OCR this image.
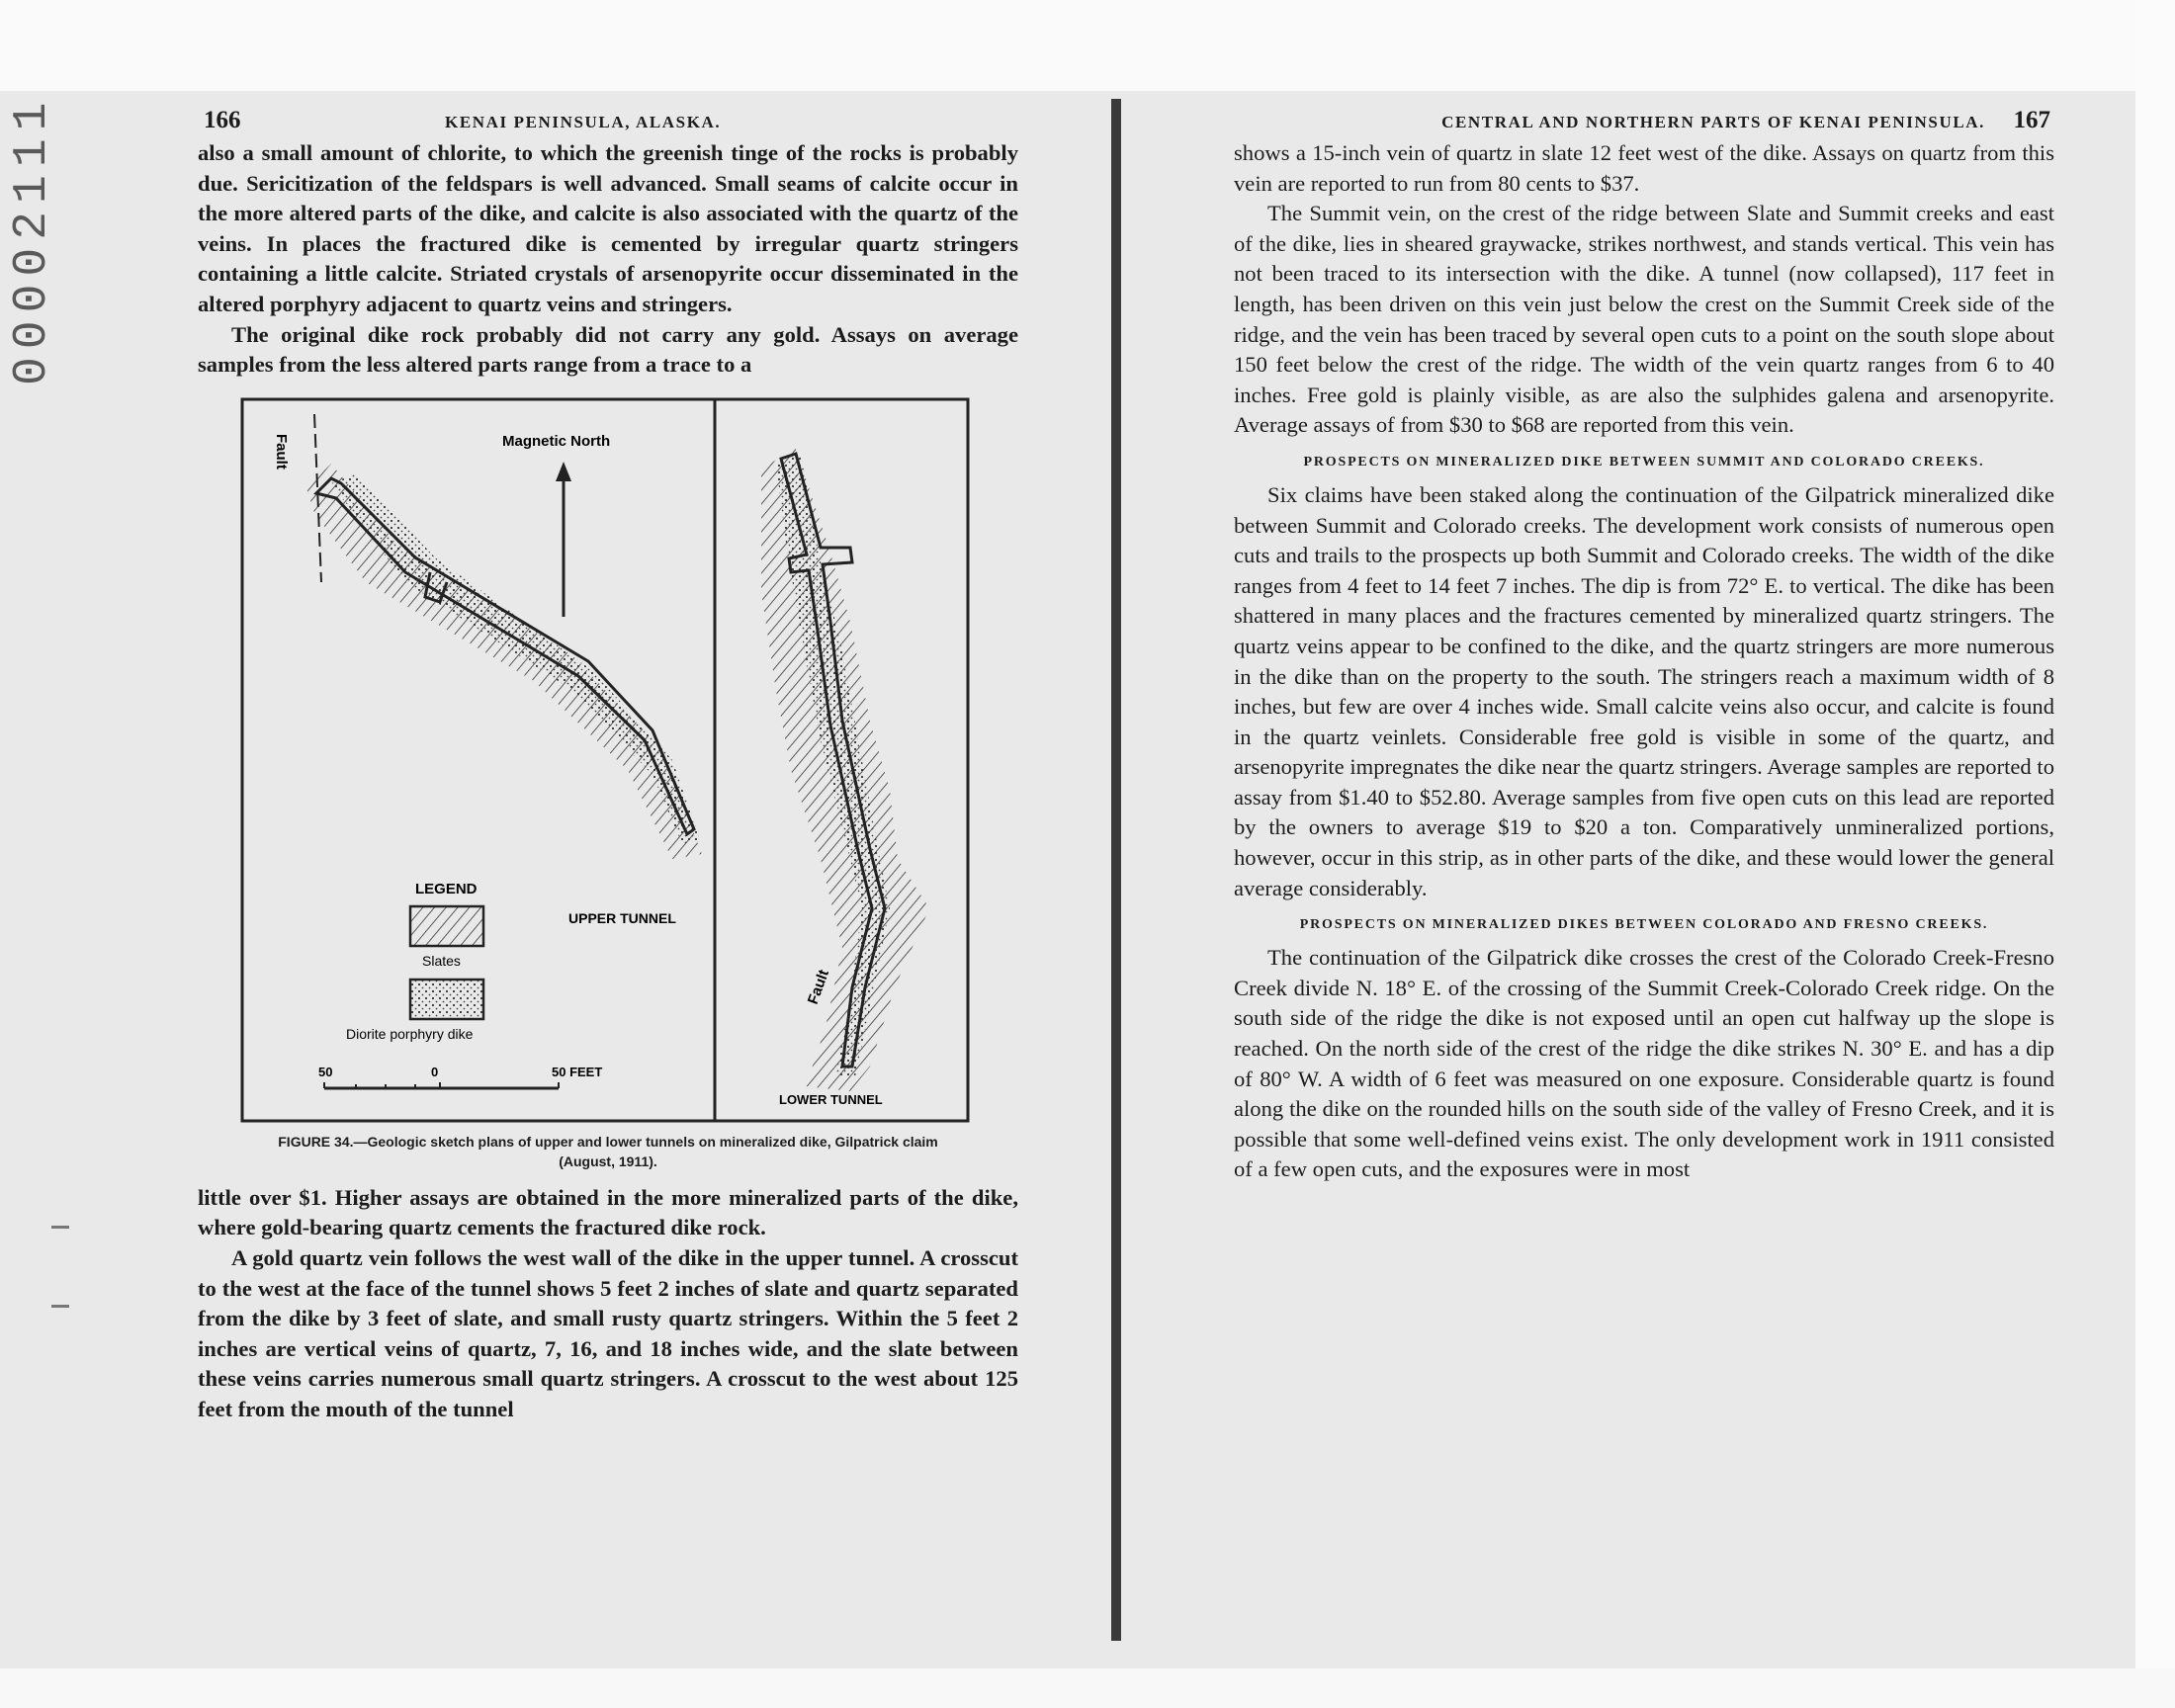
00002111	166	KENAI PENINSULA, ALASKA.

also a small amount of chlorite, to which the greenish tinge of the rocks is probably due. Sericitization of the feldspars is well advanced. Small seams of calcite occur in the more altered parts of the dike, and calcite is also associated with the quartz of the veins. In places the fractured dike is cemented by irregular quartz stringers containing a little calcite. Striated crystals of arsenopyrite occur disseminated in the altered porphyry adjacent to quartz veins and stringers.

The original dike rock probably did not carry any gold. Assays on average samples from the less altered parts range from a trace to a

Fault	Magnetic North
LEGEND
Slates
Diorite porphyry dike
UPPER TUNNEL
50	0	50 FEET
Fault
LOWER TUNNEL

FIGURE 34.—Geologic sketch plans of upper and lower tunnels on mineralized dike, Gilpatrick claim
(August, 1911).

little over $1. Higher assays are obtained in the more mineralized parts of the dike, where gold-bearing quartz cements the fractured dike rock.

A gold quartz vein follows the west wall of the dike in the upper tunnel. A crosscut to the west at the face of the tunnel shows 5 feet 2 inches of slate and quartz separated from the dike by 3 feet of slate, and small rusty quartz stringers. Within the 5 feet 2 inches are vertical veins of quartz, 7, 16, and 18 inches wide, and the slate between these veins carries numerous small quartz stringers. A crosscut to the west about 125 feet from the mouth of the tunnel

CENTRAL AND NORTHERN PARTS OF KENAI PENINSULA. 167

shows a 15-inch vein of quartz in slate 12 feet west of the dike. Assays on quartz from this vein are reported to run from 80 cents to $37.

The Summit vein, on the crest of the ridge between Slate and Summit creeks and east of the dike, lies in sheared graywacke, strikes northwest, and stands vertical. This vein has not been traced to its intersection with the dike. A tunnel (now collapsed), 117 feet in length, has been driven on this vein just below the crest on the Summit Creek side of the ridge, and the vein has been traced by several open cuts to a point on the south slope about 150 feet below the crest of the ridge. The width of the vein quartz ranges from 6 to 40 inches. Free gold is plainly visible, as are also the sulphides galena and arsenopyrite. Average assays of from $30 to $68 are reported from this vein.

PROSPECTS ON MINERALIZED DIKE BETWEEN SUMMIT AND COLORADO CREEKS.

Six claims have been staked along the continuation of the Gilpatrick mineralized dike between Summit and Colorado creeks. The development work consists of numerous open cuts and trails to the prospects up both Summit and Colorado creeks. The width of the dike ranges from 4 feet to 14 feet 7 inches. The dip is from 72° E. to vertical. The dike has been shattered in many places and the fractures cemented by mineralized quartz stringers. The quartz veins appear to be confined to the dike, and the quartz stringers are more numerous in the dike than on the property to the south. The stringers reach a maximum width of 8 inches, but few are over 4 inches wide. Small calcite veins also occur, and calcite is found in the quartz veinlets. Considerable free gold is visible in some of the quartz, and arsenopyrite impregnates the dike near the quartz stringers. Average samples are reported to assay from $1.40 to $52.80. Average samples from five open cuts on this lead are reported by the owners to average $19 to $20 a ton. Comparatively unmineralized portions, however, occur in this strip, as in other parts of the dike, and these would lower the general average considerably.

PROSPECTS ON MINERALIZED DIKES BETWEEN COLORADO AND FRESNO CREEKS.

The continuation of the Gilpatrick dike crosses the crest of the Colorado Creek-Fresno Creek divide N. 18° E. of the crossing of the Summit Creek-Colorado Creek ridge. On the south side of the ridge the dike is not exposed until an open cut halfway up the slope is reached. On the north side of the crest of the ridge the dike strikes N. 30° E. and has a dip of 80° W. A width of 6 feet was measured on one exposure. Considerable quartz is found along the dike on the rounded hills on the south side of the valley of Fresno Creek, and it is possible that some well-defined veins exist. The only development work in 1911 consisted of a few open cuts, and the exposures were in most
